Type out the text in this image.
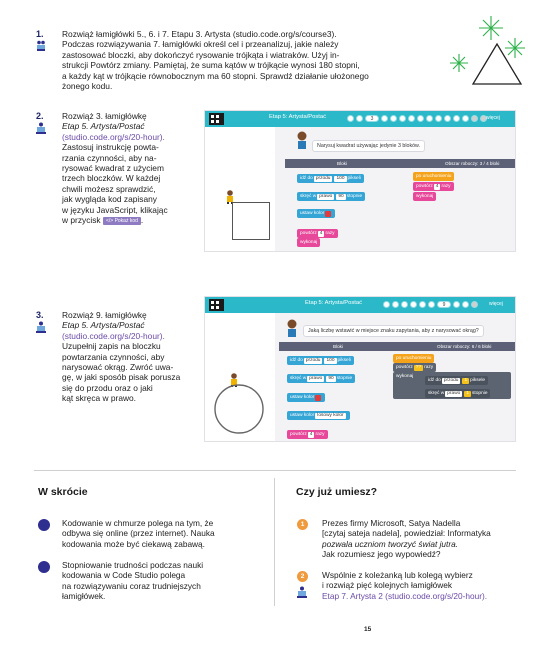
1. Rozwiąż łamigłówki 5., 6. i 7. Etapu 3. Artysta (studio.code.org/s/course3).
Podczas rozwiązywania 7. łamigłówki określ cel i przeanalizuj, jakie należy
zastosować bloczki, aby dokończyć rysowanie trójkąta i wiatraków. Użyj in-
strukcji Powtórz zmiany. Pamiętaj, że suma kątów w trójkącie wynosi 180 stopni,
a każdy kąt w trójkącie równobocznym ma 60 stopni. Sprawdź działanie ułożonego
żonego kodu.
2. Rozwiąż 3. łamigłówkę
Etap 5. Artysta/Postać
(studio.code.org/s/20-hour).
Zastosuj instrukcję powta-
rzania czynności, aby na-
rysować kwadrat z użyciem
trzech bloczków. W każdej
chwili możesz sprawdzić,
jak wygląda kod zapisany
w języku JavaScript, klikając
w przycisk </> Pokaż kod .
Etap 5: Artysta/Postać	3	więcej
Narysuj kwadrat używając jedynie 3 bloków.
Bloki	Obszar roboczy: 3 / 4 bloki
idź do przodu 100 pikseli
skręć w prawo 90 stopnie
ustaw kolor
powtórz 4 razy
wykonaj
po uruchomieniu
powtórz 4 razy
wykonaj
3. Rozwiąż 9. łamigłówkę
Etap 5. Artysta/Postać
(studio.code.org/s/20-hour).
Uzupełnij zapis na bloczku
powtarzania czynności, aby
narysować okrąg. Zwróć uwa-
gę, w jaki sposób pisak porusza
się do przodu oraz o jaki
kąt skręca w prawo.
Etap 5: Artysta/Postać	9	więcej
Jaką liczbę wstawić w miejsce znaku zapytania, aby z narysować okrąg?
Bloki	Obszar roboczy: 6 / 6 bloki
idź do przodu 100 pikseli
skręć w prawo 90 stopnie
ustaw kolor
ustaw kolor losowy kolor
powtórz 4 razy
po uruchomieniu
powtórz ?? razy
wykonaj
idź do przodu 1 piksele
skręć w prawo 1 stopnie
W skrócie
Kodowanie w chmurze polega na tym, że
odbywa się online (przez internet). Nauka
kodowania może być ciekawą zabawą.
Stopniowanie trudności podczas nauki
kodowania w Code Studio polega
na rozwiązywaniu coraz trudniejszych
łamigłówek.
Czy już umiesz?
1	Prezes firmy Microsoft, Satya Nadella
[czytaj sateja nadela], powiedział: Informatyka
pozwala uczniom tworzyć świat jutra.
Jak rozumiesz jego wypowiedź?
2	Wspólnie z koleżanką lub kolegą wybierz
i rozwiąż pięć kolejnych łamigłówek
Etap 7. Artysta 2 (studio.code.org/s/20-hour).
15
